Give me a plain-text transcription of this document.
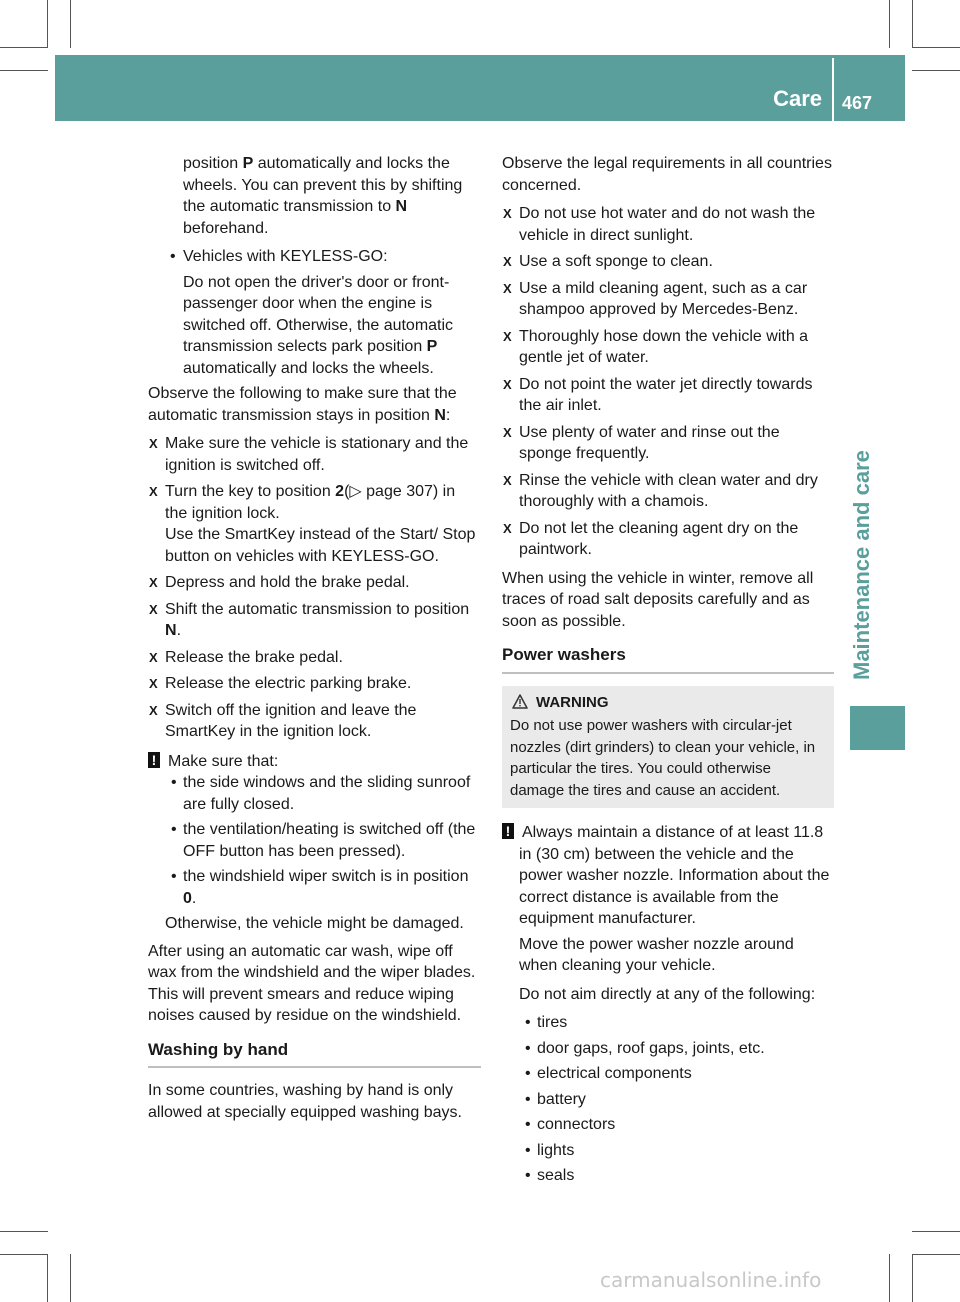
Care 467
Maintenance and care

position P automatically and locks the wheels. You can prevent this by shifting the automatic transmission to N beforehand.

• Vehicles with KEYLESS-GO:

Do not open the driver's door or front-passenger door when the engine is switched off. Otherwise, the automatic transmission selects park position P automatically and locks the wheels.

Observe the following to make sure that the automatic transmission stays in position N:

X Make sure the vehicle is stationary and the ignition is switched off.
X Turn the key to position 2(▷ page 307) in the ignition lock.
Use the SmartKey instead of the Start/ Stop button on vehicles with KEYLESS-GO.
X Depress and hold the brake pedal.
X Shift the automatic transmission to position N.
X Release the brake pedal.
X Release the electric parking brake.
X Switch off the ignition and leave the SmartKey in the ignition lock.

! Make sure that:

• the side windows and the sliding sunroof are fully closed.
• the ventilation/heating is switched off (the OFF button has been pressed).
• the windshield wiper switch is in position 0.

Otherwise, the vehicle might be damaged.

After using an automatic car wash, wipe off wax from the windshield and the wiper blades. This will prevent smears and reduce wiping noises caused by residue on the windshield.

Washing by hand

In some countries, washing by hand is only allowed at specially equipped washing bays.

Observe the legal requirements in all countries concerned.

X Do not use hot water and do not wash the vehicle in direct sunlight.
X Use a soft sponge to clean.
X Use a mild cleaning agent, such as a car shampoo approved by Mercedes-Benz.
X Thoroughly hose down the vehicle with a gentle jet of water.
X Do not point the water jet directly towards the air inlet.
X Use plenty of water and rinse out the sponge frequently.
X Rinse the vehicle with clean water and dry thoroughly with a chamois.
X Do not let the cleaning agent dry on the paintwork.

When using the vehicle in winter, remove all traces of road salt deposits carefully and as soon as possible.

Power washers
WARNING

Do not use power washers with circular-jet nozzles (dirt grinders) to clean your vehicle, in particular the tires. You could otherwise damage the tires and cause an accident.

! Always maintain a distance of at least 11.8 in (30 cm) between the vehicle and the power washer nozzle. Information about the correct distance is available from the equipment manufacturer.

Move the power washer nozzle around when cleaning your vehicle.

Do not aim directly at any of the following:

• tires
• door gaps, roof gaps, joints, etc.
• electrical components
• battery
• connectors
• lights
• seals
carmanualsonline.info
